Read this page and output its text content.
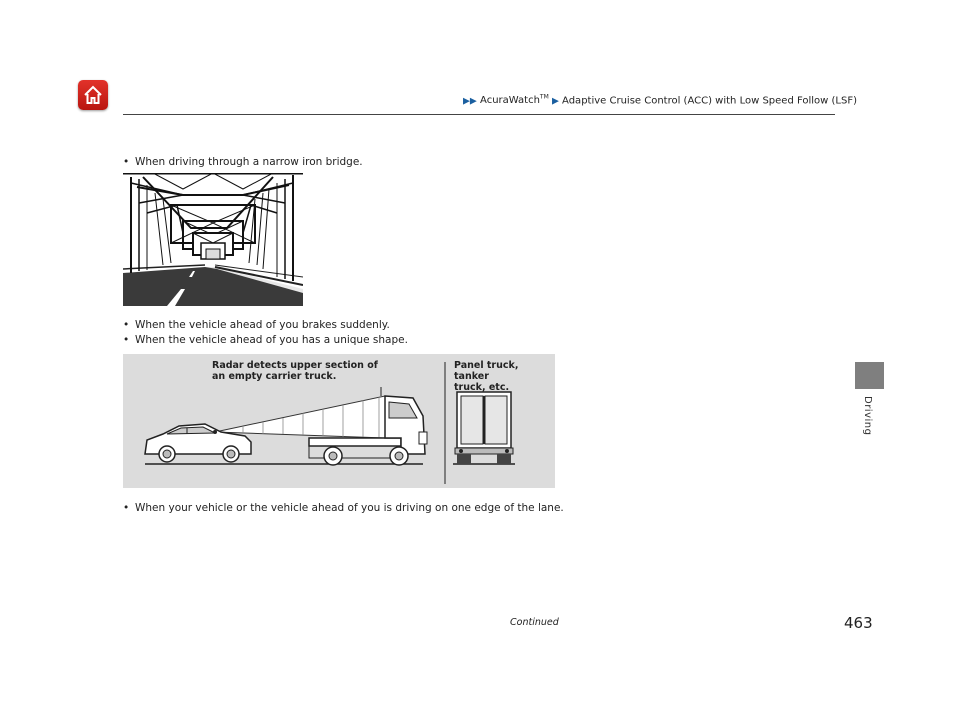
▶▶ AcuraWatch™ ▶ Adaptive Cruise Control (ACC) with Low Speed Follow (LSF)
Driving
• When driving through a narrow iron bridge.
• When the vehicle ahead of you brakes suddenly.
• When the vehicle ahead of you has a unique shape.
Radar detects upper section of
an empty carrier truck.
Panel truck, tanker
truck, etc.
• When your vehicle or the vehicle ahead of you is driving on one edge of the lane.
Continued	463
